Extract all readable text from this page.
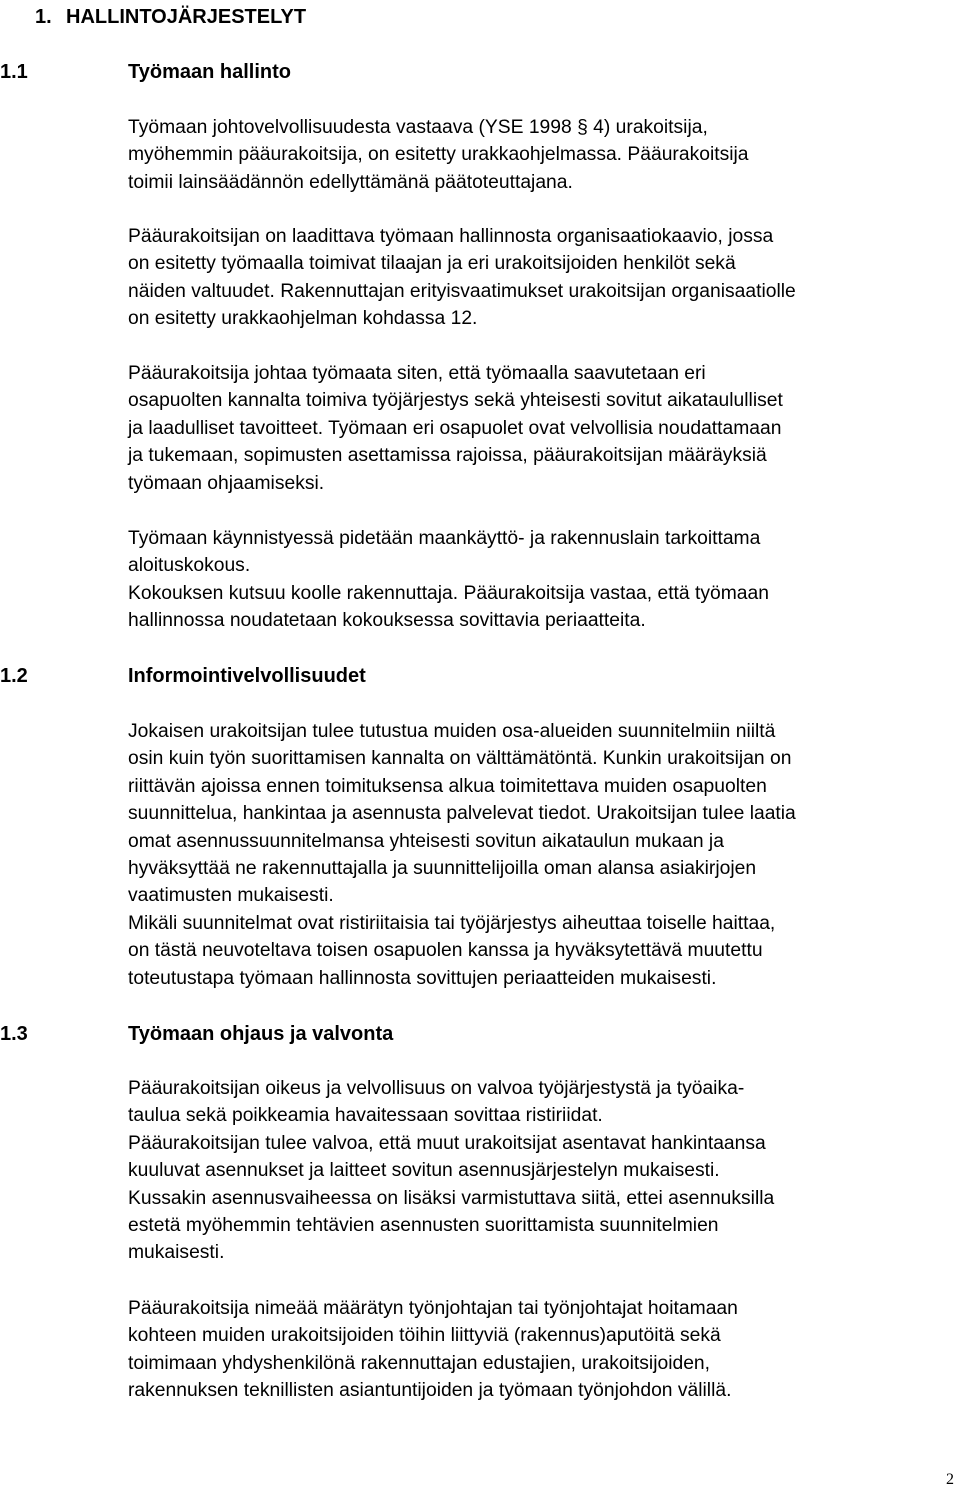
1. HALLINTOJÄRJESTELYT
1.1	Työmaan hallinto
Työmaan johtovelvollisuudesta vastaava (YSE 1998 § 4) urakoitsija,
myöhemmin pääurakoitsija, on esitetty urakkaohjelmassa. Pääurakoitsija
toimii lainsäädännön edellyttämänä päätoteuttajana.
Pääurakoitsijan on laadittava työmaan hallinnosta organisaatiokaavio, jossa
on esitetty työmaalla toimivat tilaajan ja eri urakoitsijoiden henkilöt sekä
näiden valtuudet. Rakennuttajan erityisvaatimukset urakoitsijan organisaatiolle
on esitetty urakkaohjelman kohdassa 12.
Pääurakoitsija johtaa työmaata siten, että työmaalla saavutetaan eri
osapuolten kannalta toimiva työjärjestys sekä yhteisesti sovitut aikataululliset
ja laadulliset tavoitteet. Työmaan eri osapuolet ovat velvollisia noudattamaan
ja tukemaan, sopimusten asettamissa rajoissa, pääurakoitsijan määräyksiä
työmaan ohjaamiseksi.
Työmaan käynnistyessä pidetään maankäyttö- ja rakennuslain tarkoittama
aloituskokous.
Kokouksen kutsuu koolle rakennuttaja. Pääurakoitsija vastaa, että työmaan
hallinnossa noudatetaan kokouksessa sovittavia periaatteita.
1.2	Informointivelvollisuudet
Jokaisen urakoitsijan tulee tutustua muiden osa-alueiden suunnitelmiin niiltä
osin kuin työn suorittamisen kannalta on välttämätöntä. Kunkin urakoitsijan on
riittävän ajoissa ennen toimituksensa alkua toimitettava muiden osapuolten
suunnittelua, hankintaa ja asennusta palvelevat tiedot. Urakoitsijan tulee laatia
omat asennussuunnitelmansa yhteisesti sovitun aikataulun mukaan ja
hyväksyttää ne rakennuttajalla ja suunnittelijoilla oman alansa asiakirjojen
vaatimusten mukaisesti.
Mikäli suunnitelmat ovat ristiriitaisia tai työjärjestys aiheuttaa toiselle haittaa,
on tästä neuvoteltava toisen osapuolen kanssa ja hyväksytettävä muutettu
toteutustapa työmaan hallinnosta sovittujen periaatteiden mukaisesti.
1.3	Työmaan ohjaus ja valvonta
Pääurakoitsijan oikeus ja velvollisuus on valvoa työjärjestystä ja työaika-
taulua sekä poikkeamia havaitessaan sovittaa ristiriidat.
Pääurakoitsijan tulee valvoa, että muut urakoitsijat asentavat hankintaansa
kuuluvat asennukset ja laitteet sovitun asennusjärjestelyn mukaisesti.
Kussakin asennusvaiheessa on lisäksi varmistuttava siitä, ettei asennuksilla
estetä myöhemmin tehtävien asennusten suorittamista suunnitelmien
mukaisesti.
Pääurakoitsija nimeää määrätyn työnjohtajan tai työnjohtajat hoitamaan
kohteen muiden urakoitsijoiden töihin liittyviä (rakennus)aputöitä sekä
toimimaan yhdyshenkilönä rakennuttajan edustajien, urakoitsijoiden,
rakennuksen teknillisten asiantuntijoiden ja työmaan työnjohdon välillä.
2
